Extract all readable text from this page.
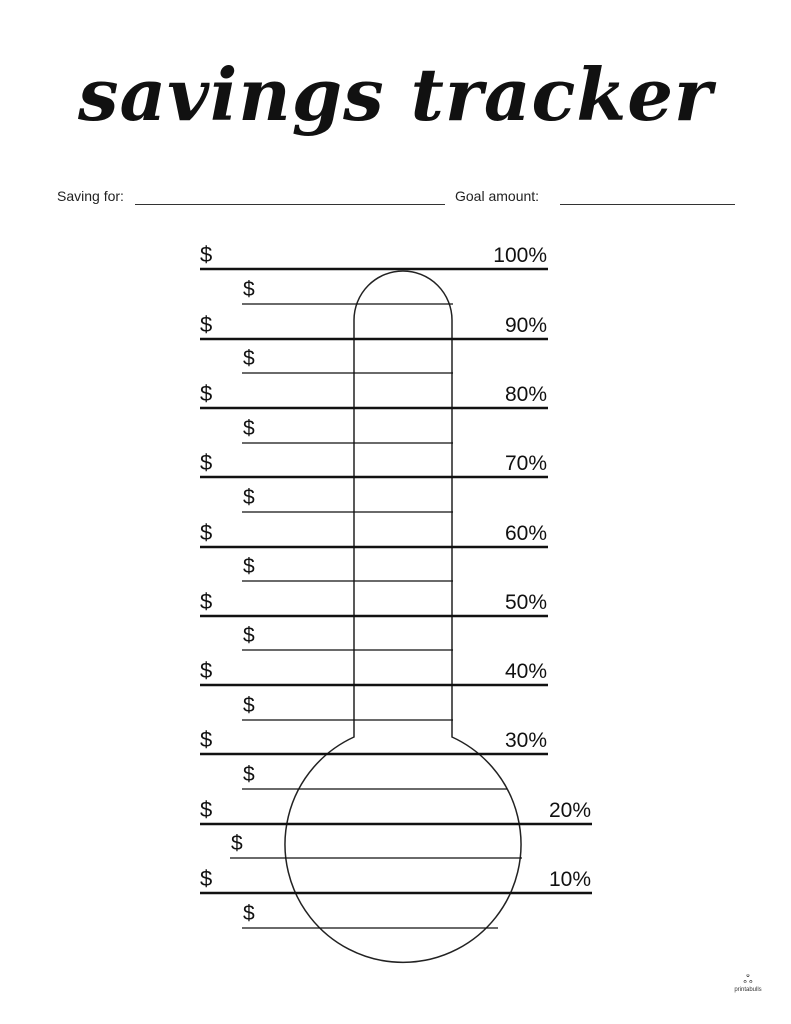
savings tracker
Saving for:	Goal amount:
$	100%
$	90%
$	80%
$	70%
$	60%
$	50%
$	40%
$	30%
$	20%
$	10%
$
$
$
$
$
$
$
$
$
$
ஃ
printabulls
